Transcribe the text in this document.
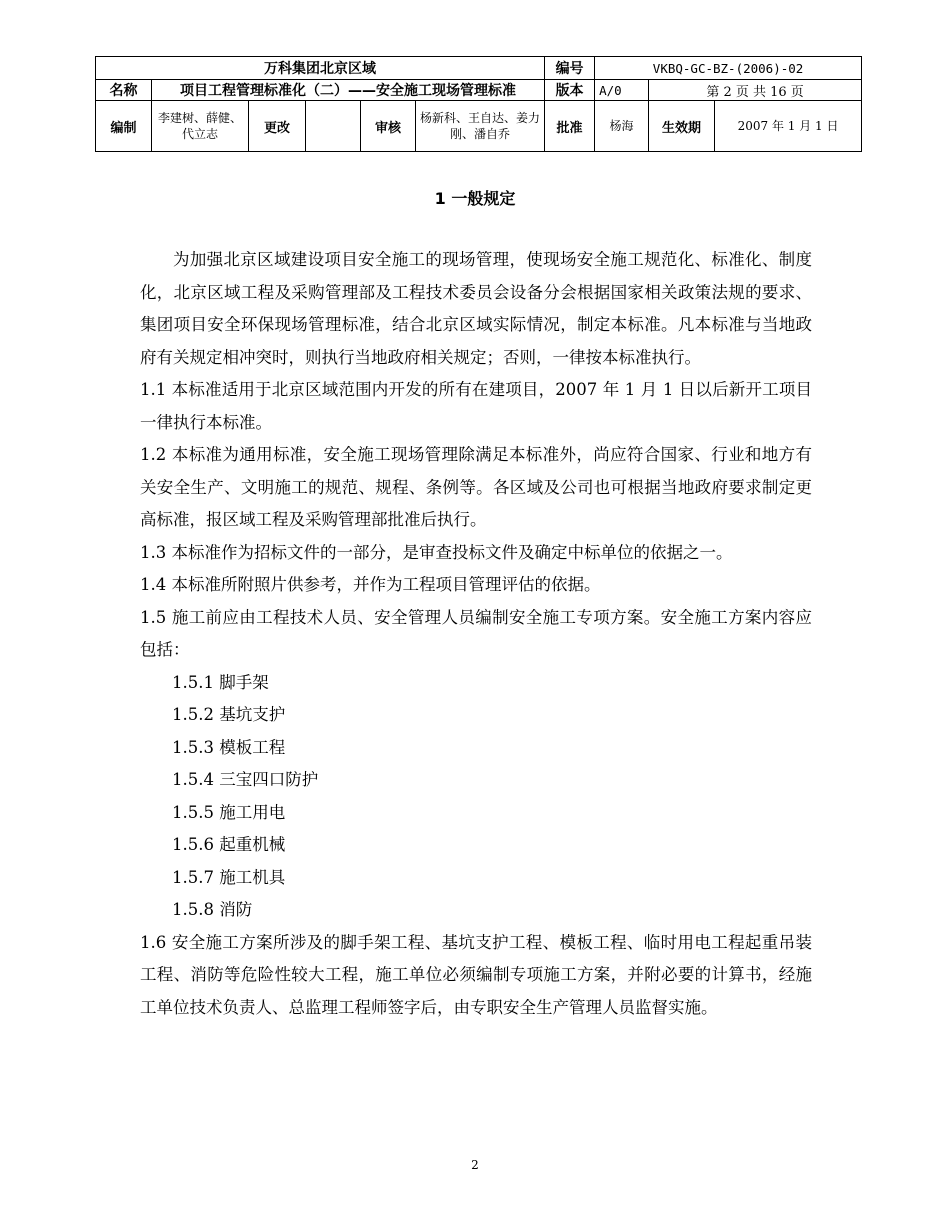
万科集团北京区域						编号	VKBQ-GC-BZ-(2006)-02		
名称	项目工程管理标准化（二）——安全施工现场管理标准					版本	A/0	第 2 页 共 16 页	
编制	李建树、薛健、代立志	更改		审核	杨新科、王自达、姜力刚、潘自乔	批准	杨海	生效期	2007 年 1 月 1 日
1 一般规定

为加强北京区域建设项目安全施工的现场管理，使现场安全施工规范化、标准化、制度化，北京区域工程及采购管理部及工程技术委员会设备分会根据国家相关政策法规的要求、集团项目安全环保现场管理标准，结合北京区域实际情况，制定本标准。凡本标准与当地政府有关规定相冲突时，则执行当地政府相关规定；否则，一律按本标准执行。

1.1 本标准适用于北京区域范围内开发的所有在建项目，2007 年 1 月 1 日以后新开工项目一律执行本标准。

1.2 本标准为通用标准，安全施工现场管理除满足本标准外，尚应符合国家、行业和地方有关安全生产、文明施工的规范、规程、条例等。各区域及公司也可根据当地政府要求制定更高标准，报区域工程及采购管理部批准后执行。

1.3 本标准作为招标文件的一部分，是审查投标文件及确定中标单位的依据之一。

1.4 本标准所附照片供参考，并作为工程项目管理评估的依据。

1.5 施工前应由工程技术人员、安全管理人员编制安全施工专项方案。安全施工方案内容应包括：

1.5.1 脚手架

1.5.2 基坑支护

1.5.3 模板工程

1.5.4 三宝四口防护

1.5.5 施工用电

1.5.6 起重机械

1.5.7 施工机具

1.5.8 消防

1.6 安全施工方案所涉及的脚手架工程、基坑支护工程、模板工程、临时用电工程起重吊装工程、消防等危险性较大工程，施工单位必须编制专项施工方案，并附必要的计算书，经施工单位技术负责人、总监理工程师签字后，由专职安全生产管理人员监督实施。

2
